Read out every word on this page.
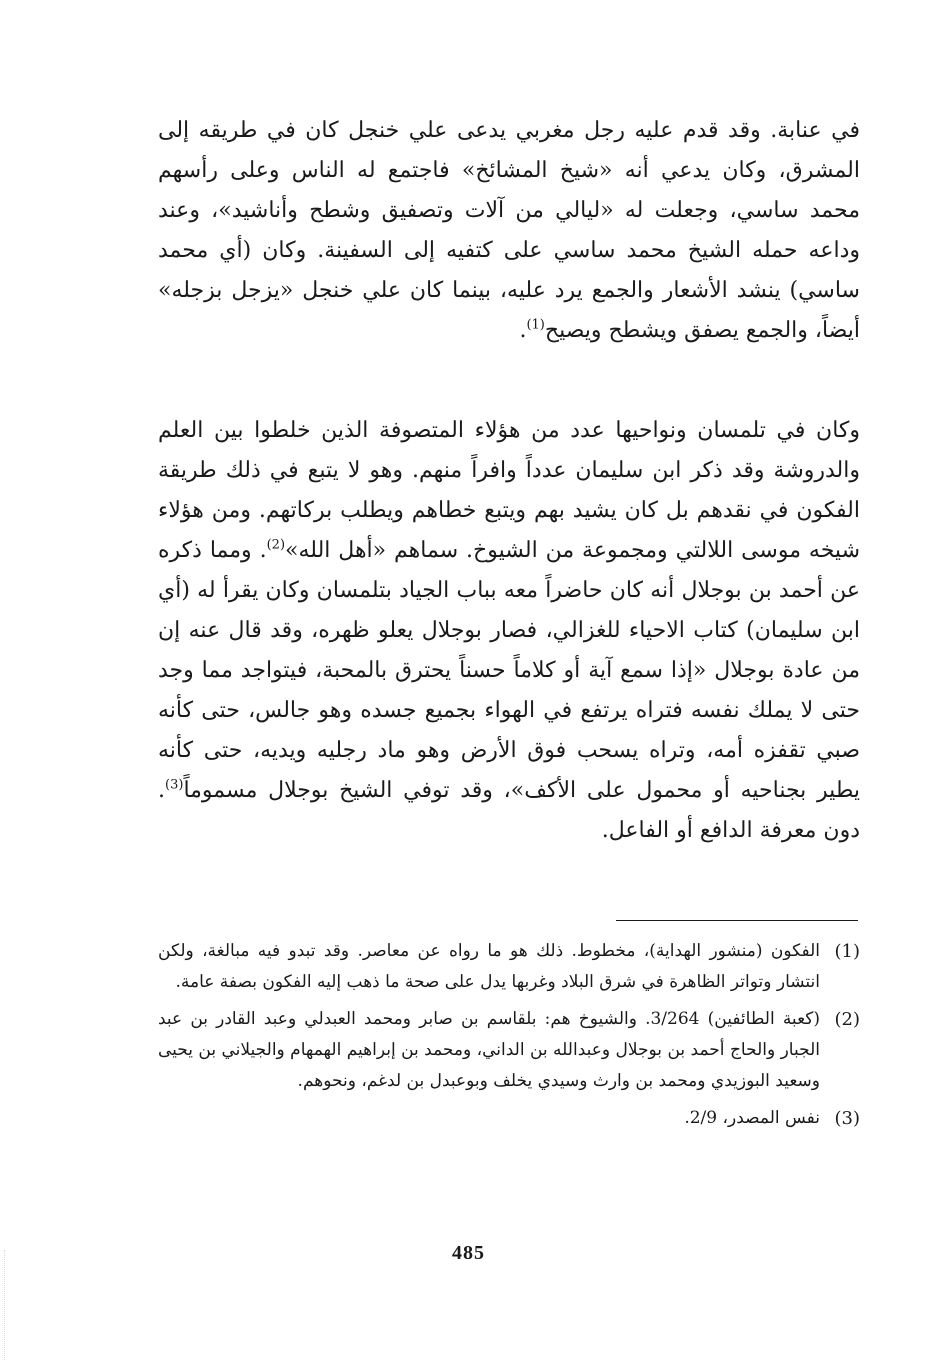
في عنابة. وقد قدم عليه رجل مغربي يدعى علي خنجل كان في طريقه إلى المشرق، وكان يدعي أنه «شيخ المشائخ» فاجتمع له الناس وعلى رأسهم محمد ساسي، وجعلت له «ليالي من آلات وتصفيق وشطح وأناشيد»، وعند وداعه حمله الشيخ محمد ساسي على كتفيه إلى السفينة. وكان (أي محمد ساسي) ينشد الأشعار والجمع يرد عليه، بينما كان علي خنجل «يزجل بزجله» أيضاً، والجمع يصفق ويشطح ويصيح$^{(1)}$.

وكان في تلمسان ونواحيها عدد من هؤلاء المتصوفة الذين خلطوا بين العلم والدروشة وقد ذكر ابن سليمان عدداً وافراً منهم. وهو لا يتبع في ذلك طريقة الفكون في نقدهم بل كان يشيد بهم ويتبع خطاهم ويطلب بركاتهم. ومن هؤلاء شيخه موسى اللالتي ومجموعة من الشيوخ. سماهم «أهل الله»$^{(2)}$. ومما ذكره عن أحمد بن بوجلال أنه كان حاضراً معه بباب الجياد بتلمسان وكان يقرأ له (أي ابن سليمان) كتاب الاحياء للغزالي، فصار بوجلال يعلو ظهره، وقد قال عنه إن من عادة بوجلال «إذا سمع آية أو كلاماً حسناً يحترق بالمحبة، فيتواجد مما وجد حتى لا يملك نفسه فتراه يرتفع في الهواء بجميع جسده وهو جالس، حتى كأنه صبي تقفزه أمه، وتراه يسحب فوق الأرض وهو ماد رجليه ويديه، حتى كأنه يطير بجناحيه أو محمول على الأكف»، وقد توفي الشيخ بوجلال مسموماً$^{(3)}$. دون معرفة الدافع أو الفاعل.

(1)
الفكون (منشور الهداية)، مخطوط. ذلك هو ما رواه عن معاصر. وقد تبدو فيه مبالغة، ولكن انتشار وتواتر الظاهرة في شرق البلاد وغربها يدل على صحة ما ذهب إليه الفكون بصفة عامة.
(2)
(كعبة الطائفين) 3/264. والشيوخ هم: بلقاسم بن صابر ومحمد العبدلي وعبد القادر بن عبد الجبار والحاج أحمد بن بوجلال وعبدالله بن الداني، ومحمد بن إبراهيم الهمهام والجيلاني بن يحيى وسعيد البوزيدي ومحمد بن وارث وسيدي يخلف وبوعبدل بن لدغم، ونحوهم.
(3)
نفس المصدر، 2/9.
485
